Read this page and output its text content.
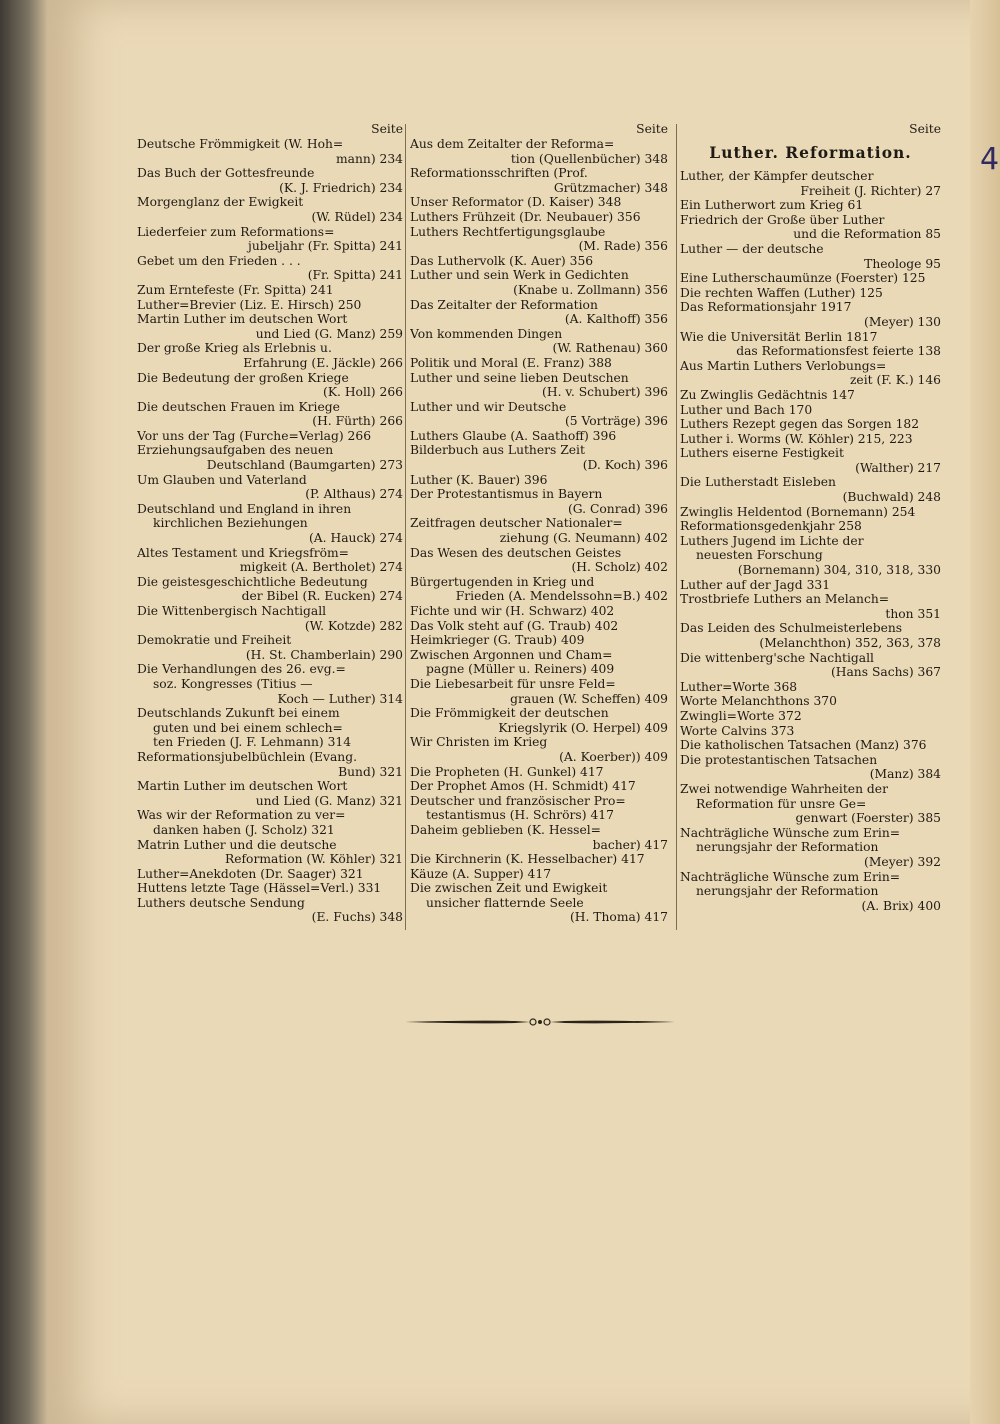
Seite
Deutsche Frömmigkeit (W. Hoh=
mann) 234
Das Buch der Gottesfreunde
(K. J. Friedrich) 234
Morgenglanz der Ewigkeit
(W. Rüdel) 234
Liederfeier zum Reformations=
jubeljahr (Fr. Spitta) 241
Gebet um den Frieden . . .
(Fr. Spitta) 241
Zum Erntefeste (Fr. Spitta) 241
Luther=Brevier (Liz. E. Hirsch) 250
Martin Luther im deutschen Wort
und Lied (G. Manz) 259
Der große Krieg als Erlebnis u.
Erfahrung (E. Jäckle) 266
Die Bedeutung der großen Kriege
(K. Holl) 266
Die deutschen Frauen im Kriege
(H. Fürth) 266
Vor uns der Tag (Furche=Verlag) 266
Erziehungsaufgaben des neuen
Deutschland (Baumgarten) 273
Um Glauben und Vaterland
(P. Althaus) 274
Deutschland und England in ihren
kirchlichen Beziehungen
(A. Hauck) 274
Altes Testament und Kriegsfröm=
migkeit (A. Bertholet) 274
Die geistesgeschichtliche Bedeutung
der Bibel (R. Eucken) 274
Die Wittenbergisch Nachtigall
(W. Kotzde) 282
Demokratie und Freiheit
(H. St. Chamberlain) 290
Die Verhandlungen des 26. evg.=
soz. Kongresses (Titius —
Koch — Luther) 314
Deutschlands Zukunft bei einem
guten und bei einem schlech=
ten Frieden (J. F. Lehmann) 314
Reformationsjubelbüchlein (Evang.
Bund) 321
Martin Luther im deutschen Wort
und Lied (G. Manz) 321
Was wir der Reformation zu ver=
danken haben (J. Scholz) 321
Matrin Luther und die deutsche
Reformation (W. Köhler) 321
Luther=Anekdoten (Dr. Saager) 321
Huttens letzte Tage (Hässel=Verl.) 331
Luthers deutsche Sendung
(E. Fuchs) 348
Seite
Aus dem Zeitalter der Reforma=
tion (Quellenbücher) 348
Reformationsschriften (Prof.
Grützmacher) 348
Unser Reformator (D. Kaiser) 348
Luthers Frühzeit (Dr. Neubauer) 356
Luthers Rechtfertigungsglaube
(M. Rade) 356
Das Luthervolk (K. Auer) 356
Luther und sein Werk in Gedichten
(Knabe u. Zollmann) 356
Das Zeitalter der Reformation
(A. Kalthoff) 356
Von kommenden Dingen
(W. Rathenau) 360
Politik und Moral (E. Franz) 388
Luther und seine lieben Deutschen
(H. v. Schubert) 396
Luther und wir Deutsche
(5 Vorträge) 396
Luthers Glaube (A. Saathoff) 396
Bilderbuch aus Luthers Zeit
(D. Koch) 396
Luther (K. Bauer) 396
Der Protestantismus in Bayern
(G. Conrad) 396
Zeitfragen deutscher Nationaler=
ziehung (G. Neumann) 402
Das Wesen des deutschen Geistes
(H. Scholz) 402
Bürgertugenden in Krieg und
Frieden (A. Mendelssohn=B.) 402
Fichte und wir (H. Schwarz) 402
Das Volk steht auf (G. Traub) 402
Heimkrieger (G. Traub) 409
Zwischen Argonnen und Cham=
pagne (Müller u. Reiners) 409
Die Liebesarbeit für unsre Feld=
grauen (W. Scheffen) 409
Die Frömmigkeit der deutschen
Kriegslyrik (O. Herpel) 409
Wir Christen im Krieg
(A. Koerber)) 409
Die Propheten (H. Gunkel) 417
Der Prophet Amos (H. Schmidt) 417
Deutscher und französischer Pro=
testantismus (H. Schrörs) 417
Daheim geblieben (K. Hessel=
bacher) 417
Die Kirchnerin (K. Hesselbacher) 417
Käuze (A. Supper) 417
Die zwischen Zeit und Ewigkeit
unsicher flatternde Seele
(H. Thoma) 417
Seite
Luther. Reformation.
Luther, der Kämpfer deutscher
Freiheit (J. Richter) 27
Ein Lutherwort zum Krieg 61
Friedrich der Große über Luther
und die Reformation 85
Luther — der deutsche
Theologe 95
Eine Lutherschaumünze (Foerster) 125
Die rechten Waffen (Luther) 125
Das Reformationsjahr 1917
(Meyer) 130
Wie die Universität Berlin 1817
das Reformationsfest feierte 138
Aus Martin Luthers Verlobungs=
zeit (F. K.) 146
Zu Zwinglis Gedächtnis 147
Luther und Bach 170
Luthers Rezept gegen das Sorgen 182
Luther i. Worms (W. Köhler) 215, 223
Luthers eiserne Festigkeit
(Walther) 217
Die Lutherstadt Eisleben
(Buchwald) 248
Zwinglis Heldentod (Bornemann) 254
Reformationsgedenkjahr 258
Luthers Jugend im Lichte der
neuesten Forschung
(Bornemann) 304, 310, 318, 330
Luther auf der Jagd 331
Trostbriefe Luthers an Melanch=
thon 351
Das Leiden des Schulmeisterlebens
(Melanchthon) 352, 363, 378
Die wittenberg'sche Nachtigall
(Hans Sachs) 367
Luther=Worte 368
Worte Melanchthons 370
Zwingli=Worte 372
Worte Calvins 373
Die katholischen Tatsachen (Manz) 376
Die protestantischen Tatsachen
(Manz) 384
Zwei notwendige Wahrheiten der
Reformation für unsre Ge=
genwart (Foerster) 385
Nachträgliche Wünsche zum Erin=
nerungsjahr der Reformation
(Meyer) 392
Nachträgliche Wünsche zum Erin=
nerungsjahr der Reformation
(A. Brix) 400
4
